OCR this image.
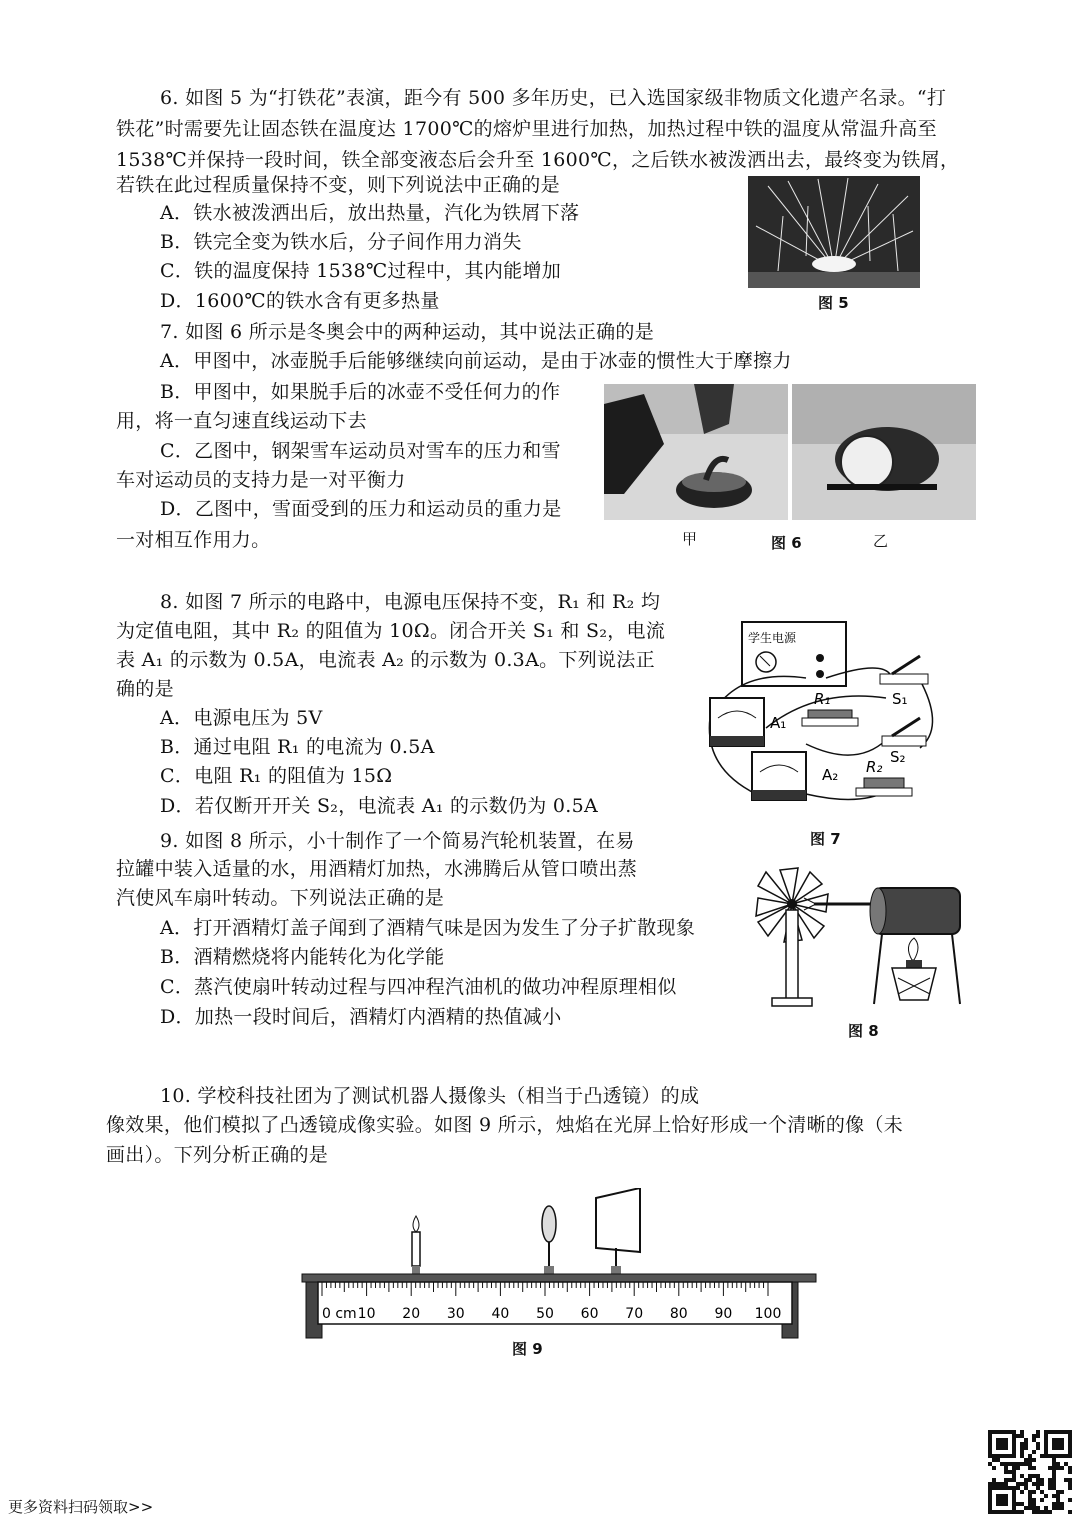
6. 如图 5 为“打铁花”表演，距今有 500 多年历史，已入选国家级非物质文化遗产名录。“打
铁花”时需要先让固态铁在温度达 1700℃的熔炉里进行加热，加热过程中铁的温度从常温升高至
1538℃并保持一段时间，铁全部变液态后会升至 1600℃，之后铁水被泼洒出去，最终变为铁屑，
若铁在此过程质量保持不变，则下列说法中正确的是
A．铁水被泼洒出后，放出热量，汽化为铁屑下落
B．铁完全变为铁水后，分子间作用力消失
C．铁的温度保持 1538℃过程中，其内能增加
D．1600℃的铁水含有更多热量	图 5
7. 如图 6 所示是冬奥会中的两种运动，其中说法正确的是
A．甲图中，冰壶脱手后能够继续向前运动，是由于冰壶的惯性大于摩擦力
B．甲图中，如果脱手后的冰壶不受任何力的作
用，将一直匀速直线运动下去
C．乙图中，钢架雪车运动员对雪车的压力和雪
车对运动员的支持力是一对平衡力
D．乙图中，雪面受到的压力和运动员的重力是
一对相互作用力。	甲	图 6	乙
8. 如图 7 所示的电路中，电源电压保持不变，R₁ 和 R₂ 均
为定值电阻，其中 R₂ 的阻值为 10Ω。闭合开关 S₁ 和 S₂，电流
表 A₁ 的示数为 0.5A，电流表 A₂ 的示数为 0.3A。下列说法正
确的是
A．电源电压为 5V
B．通过电阻 R₁ 的电流为 0.5A
C．电阻 R₁ 的阻值为 15Ω
D．若仅断开开关 S₂，电流表 A₁ 的示数仍为 0.5A
学生电源
A₁
R₁	S₁
S₂
A₂ R₂
图 7
9. 如图 8 所示，小十制作了一个简易汽轮机装置，在易
拉罐中装入适量的水，用酒精灯加热，水沸腾后从管口喷出蒸
汽使风车扇叶转动。下列说法正确的是
A．打开酒精灯盖子闻到了酒精气味是因为发生了分子扩散现象
B．酒精燃烧将内能转化为化学能
C．蒸汽使扇叶转动过程与四冲程汽油机的做功冲程原理相似
D．加热一段时间后，酒精灯内酒精的热值减小
图 8
10. 学校科技社团为了测试机器人摄像头（相当于凸透镜）的成
像效果，他们模拟了凸透镜成像实验。如图 9 所示，烛焰在光屏上恰好形成一个清晰的像（未
画出）。下列分析正确的是
10 20 30 40 50 60 70 80 90 100
0 cm
图 9
更多资料扫码领取>>
